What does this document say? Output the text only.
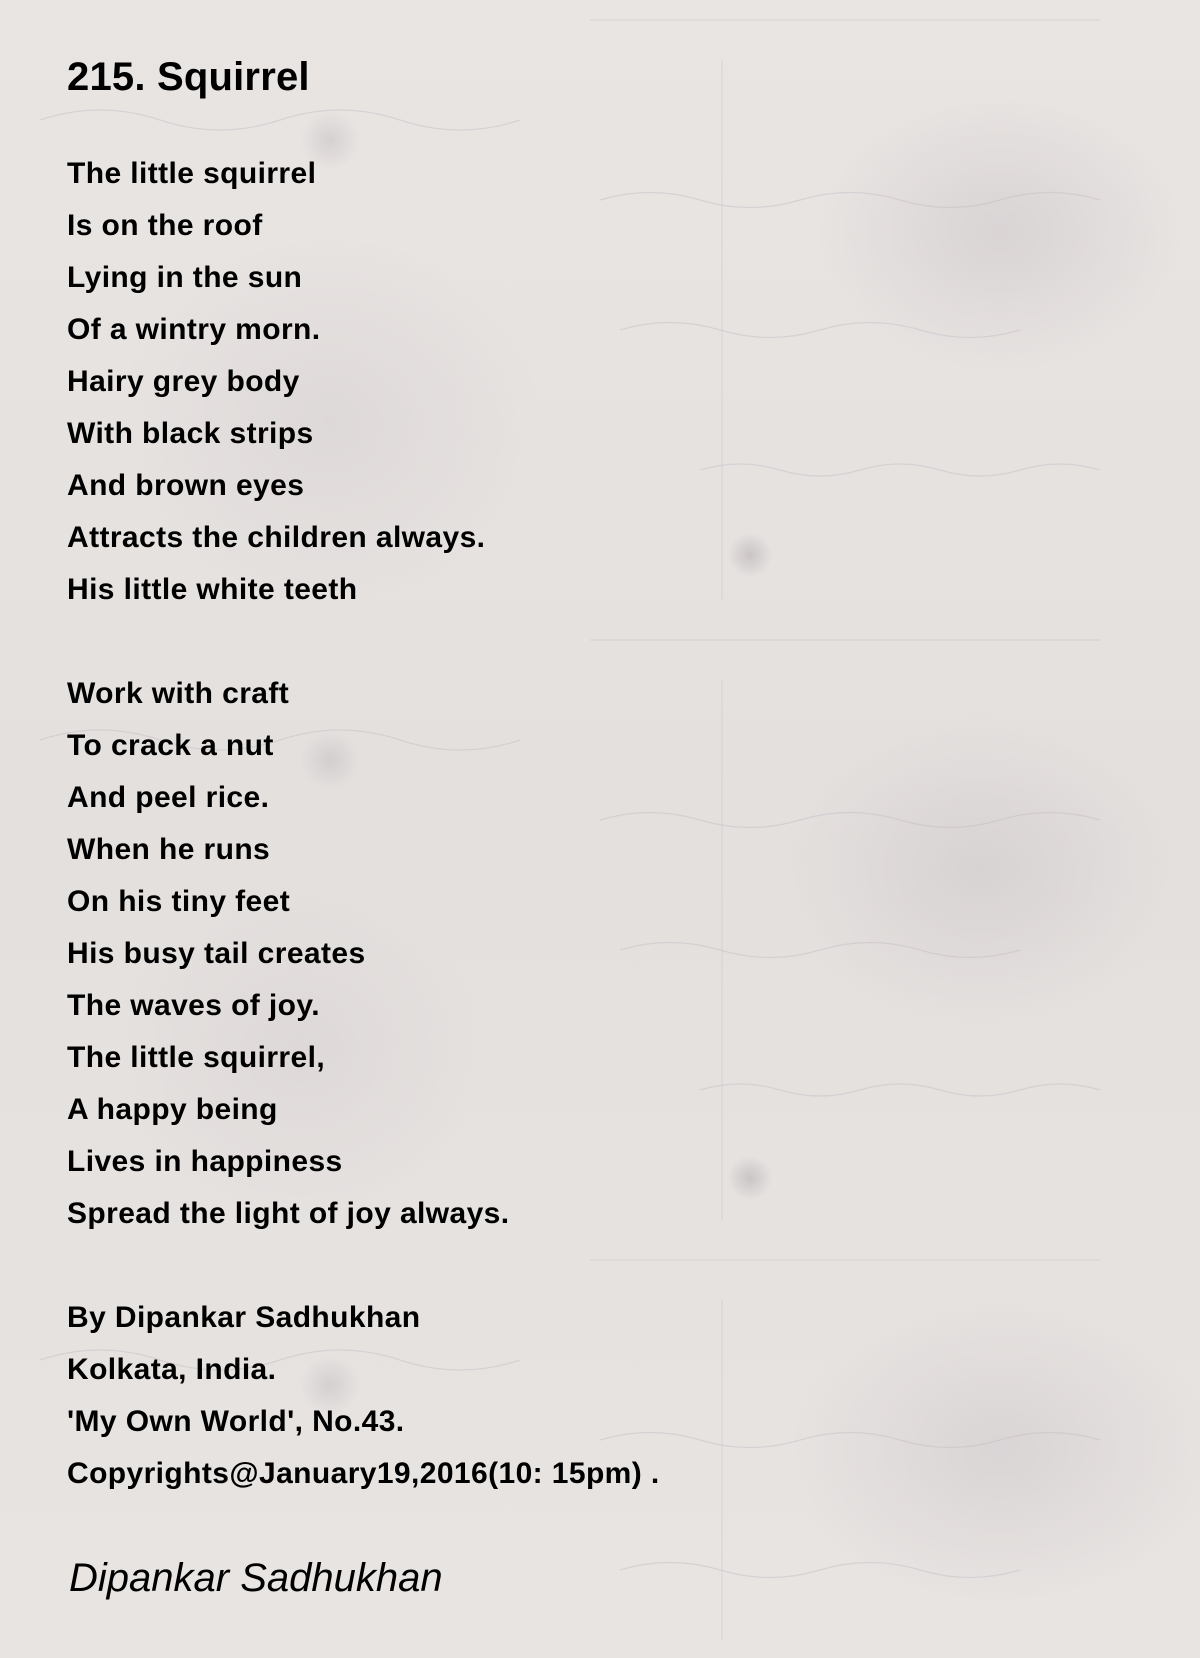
215. Squirrel
The little squirrel
Is on the roof
Lying in the sun
Of a wintry morn.
Hairy grey body
With black strips
And brown eyes
Attracts the children always.
His little white teeth
Work with craft
To crack a nut
And peel rice.
When he runs
On his tiny feet
His busy tail creates
The waves of joy.
The little squirrel,
A happy being
Lives in happiness
Spread the light of joy always.
By Dipankar Sadhukhan
Kolkata, India.
'My Own World', No.43.
Copyrights@January19,2016(10: 15pm) .
Dipankar Sadhukhan
